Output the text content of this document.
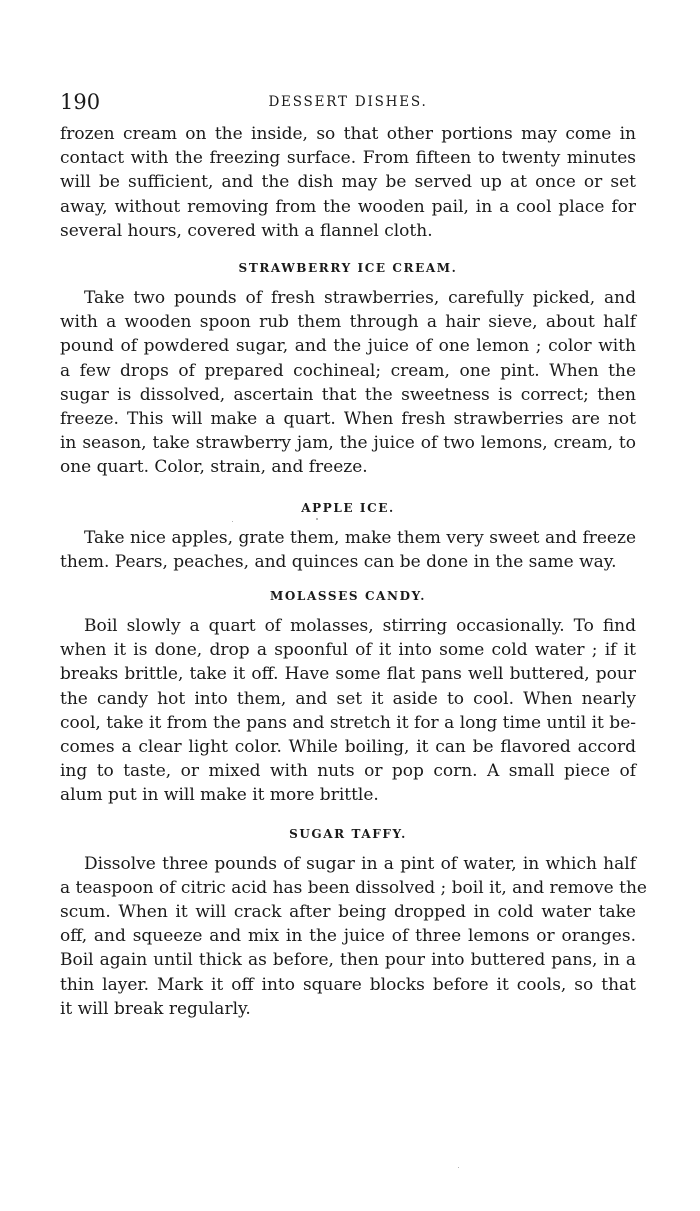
190	DESSERT DISHES.

frozen cream on the inside, so that other portions may come in
contact with the freezing surface. From fifteen to twenty minutes
will be sufficient, and the dish may be served up at once or set
away, without removing from the wooden pail, in a cool place for
several hours, covered with a flannel cloth.

STRAWBERRY ICE CREAM.

Take two pounds of fresh strawberries, carefully picked, and
with a wooden spoon rub them through a hair sieve, about half
pound of powdered sugar, and the juice of one lemon ; color with
a few drops of prepared cochineal; cream, one pint. When the
sugar is dissolved, ascertain that the sweetness is correct; then
freeze. This will make a quart. When fresh strawberries are not
in season, take strawberry jam, the juice of two lemons, cream, to
one quart. Color, strain, and freeze.

APPLE ICE.

Take nice apples, grate them, make them very sweet and freeze
them. Pears, peaches, and quinces can be done in the same way.

MOLASSES CANDY.

Boil slowly a quart of molasses, stirring occasionally. To find
when it is done, drop a spoonful of it into some cold water ; if it
breaks brittle, take it off. Have some flat pans well buttered, pour
the candy hot into them, and set it aside to cool. When nearly
cool, take it from the pans and stretch it for a long time until it be-
comes a clear light color. While boiling, it can be flavored accord
ing to taste, or mixed with nuts or pop corn. A small piece of
alum put in will make it more brittle.

SUGAR TAFFY.

Dissolve three pounds of sugar in a pint of water, in which half
a teaspoon of citric acid has been dissolved ; boil it, and remove the
scum. When it will crack after being dropped in cold water take
off, and squeeze and mix in the juice of three lemons or oranges.
Boil again until thick as before, then pour into buttered pans, in a
thin layer. Mark it off into square blocks before it cools, so that
it will break regularly.
